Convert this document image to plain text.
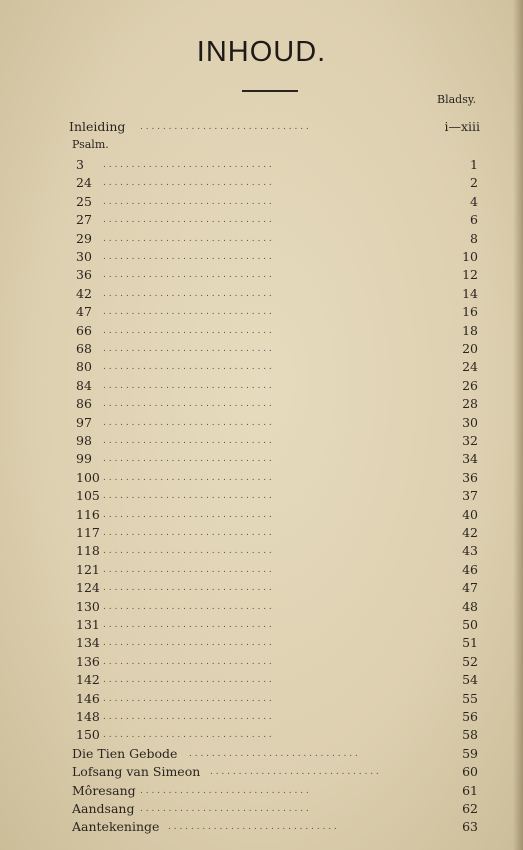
INHOUD.
Bladsy.
Inleiding . . . . . . . . . . . . . . . . . . . . . . . . . . . . . .	i—xiii
Psalm.
3 . . . . . . . . . . . . . . . . . . . . . . . . . . . . . .	1
24 . . . . . . . . . . . . . . . . . . . . . . . . . . . . . .	2
25 . . . . . . . . . . . . . . . . . . . . . . . . . . . . . .	4
27 . . . . . . . . . . . . . . . . . . . . . . . . . . . . . .	6
29 . . . . . . . . . . . . . . . . . . . . . . . . . . . . . .	8
30 . . . . . . . . . . . . . . . . . . . . . . . . . . . . . .	10
36 . . . . . . . . . . . . . . . . . . . . . . . . . . . . . .	12
42 . . . . . . . . . . . . . . . . . . . . . . . . . . . . . .	14
47 . . . . . . . . . . . . . . . . . . . . . . . . . . . . . .	16
66 . . . . . . . . . . . . . . . . . . . . . . . . . . . . . .	18
68 . . . . . . . . . . . . . . . . . . . . . . . . . . . . . .	20
80 . . . . . . . . . . . . . . . . . . . . . . . . . . . . . .	24
84 . . . . . . . . . . . . . . . . . . . . . . . . . . . . . .	26
86 . . . . . . . . . . . . . . . . . . . . . . . . . . . . . .	28
97 . . . . . . . . . . . . . . . . . . . . . . . . . . . . . .	30
98 . . . . . . . . . . . . . . . . . . . . . . . . . . . . . .	32
99 . . . . . . . . . . . . . . . . . . . . . . . . . . . . . .	34
100 . . . . . . . . . . . . . . . . . . . . . . . . . . . . . .	36
105 . . . . . . . . . . . . . . . . . . . . . . . . . . . . . .	37
116 . . . . . . . . . . . . . . . . . . . . . . . . . . . . . .	40
117 . . . . . . . . . . . . . . . . . . . . . . . . . . . . . .	42
118 . . . . . . . . . . . . . . . . . . . . . . . . . . . . . .	43
121 . . . . . . . . . . . . . . . . . . . . . . . . . . . . . .	46
124 . . . . . . . . . . . . . . . . . . . . . . . . . . . . . .	47
130 . . . . . . . . . . . . . . . . . . . . . . . . . . . . . .	48
131 . . . . . . . . . . . . . . . . . . . . . . . . . . . . . .	50
134 . . . . . . . . . . . . . . . . . . . . . . . . . . . . . .	51
136 . . . . . . . . . . . . . . . . . . . . . . . . . . . . . .	52
142 . . . . . . . . . . . . . . . . . . . . . . . . . . . . . .	54
146 . . . . . . . . . . . . . . . . . . . . . . . . . . . . . .	55
148 . . . . . . . . . . . . . . . . . . . . . . . . . . . . . .	56
150 . . . . . . . . . . . . . . . . . . . . . . . . . . . . . .	58
Die Tien Gebode . . . . . . . . . . . . . . . . . . . . . . . . . . . . . .	59
Lofsang van Simeon . . . . . . . . . . . . . . . . . . . . . . . . . . . . . .	60
Môresang . . . . . . . . . . . . . . . . . . . . . . . . . . . . . .	61
Aandsang . . . . . . . . . . . . . . . . . . . . . . . . . . . . . .	62
Aantekeninge . . . . . . . . . . . . . . . . . . . . . . . . . . . . . .	63
